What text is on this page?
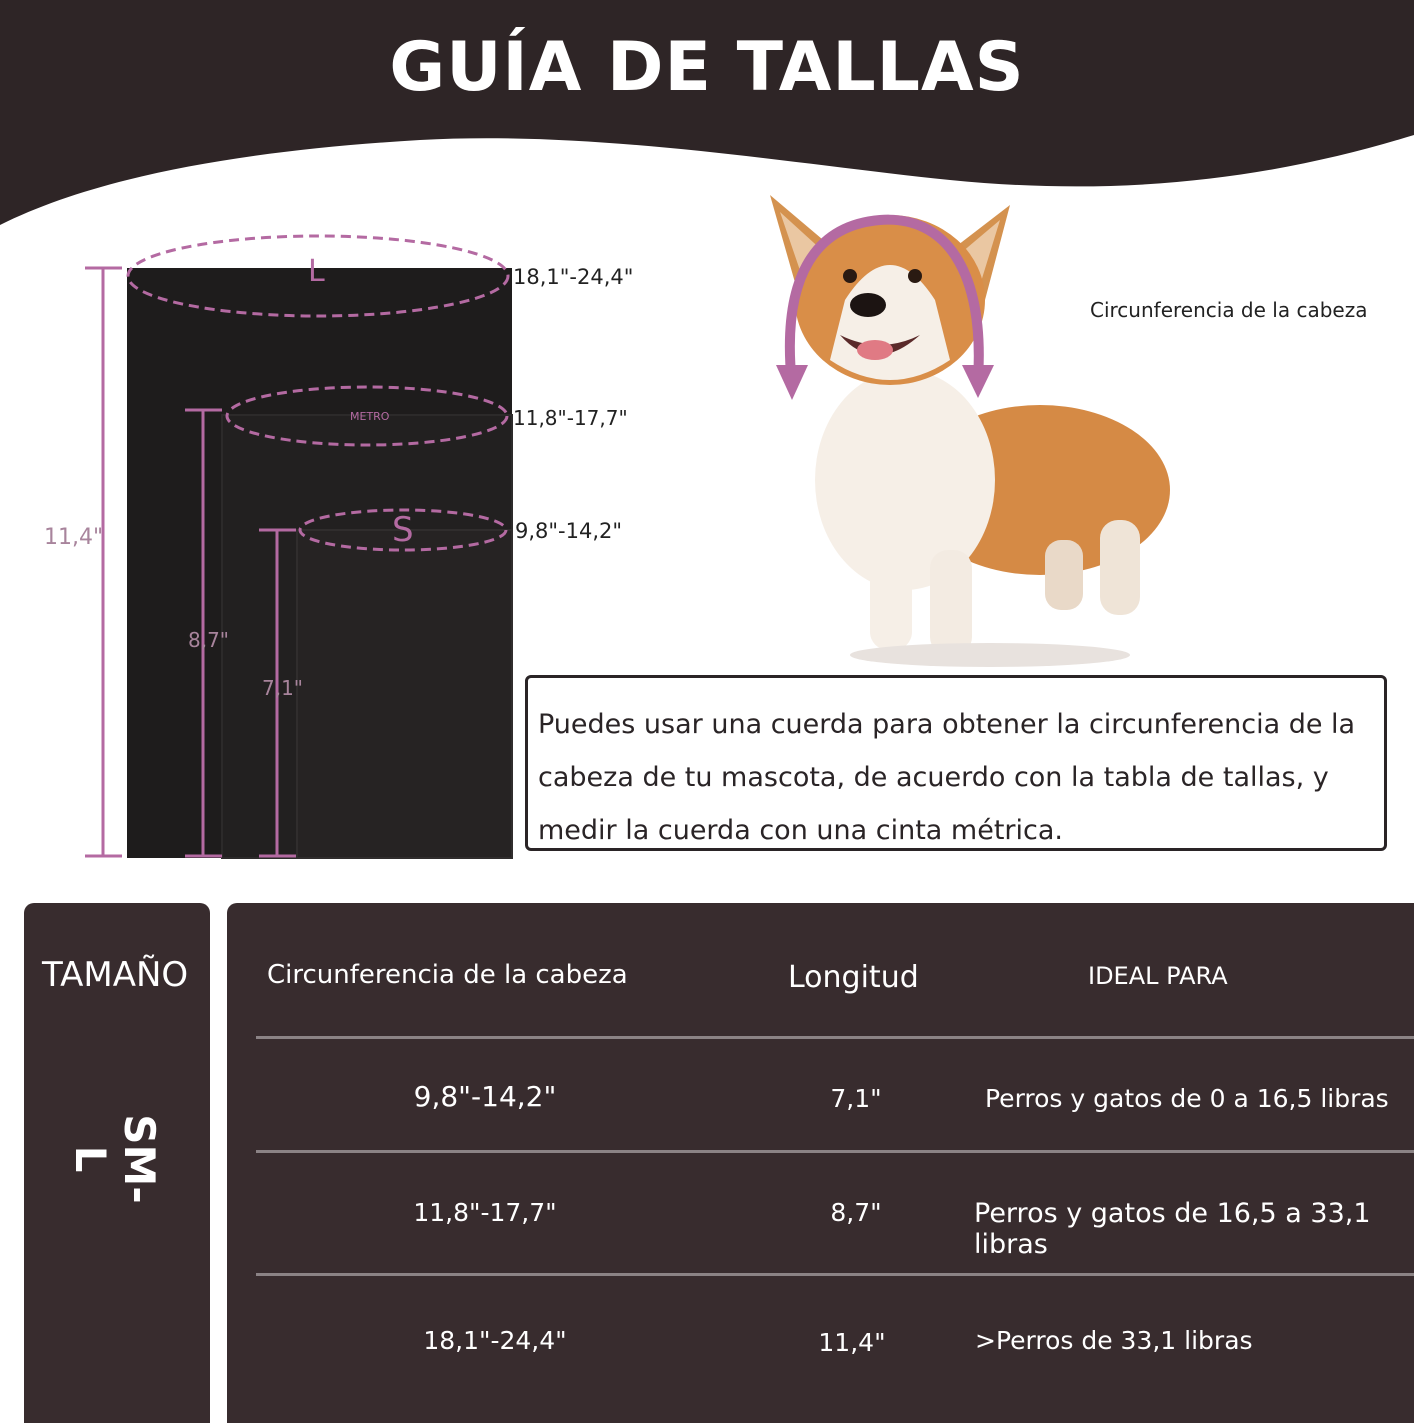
GUÍA DE TALLAS
L
METRO
S
18,1"-24,4"
11,8"-17,7"
9,8"-14,2"
11,4"
8,7"
7,1"
Circunferencia de la cabeza
Puedes usar una cuerda para obtener la circunferencia de la
cabeza de tu mascota, de acuerdo con la tabla de tallas, y
medir la cuerda con una cinta métrica.
TAMAÑO
SM-L
Circunferencia de la cabeza	Longitud	IDEAL PARA
9,8"-14,2"	7,1"	Perros y gatos de 0 a 16,5 libras
11,8"-17,7"	8,7"	Perros y gatos de 16,5 a 33,1 libras
18,1"-24,4"	11,4"	>Perros de 33,1 libras
